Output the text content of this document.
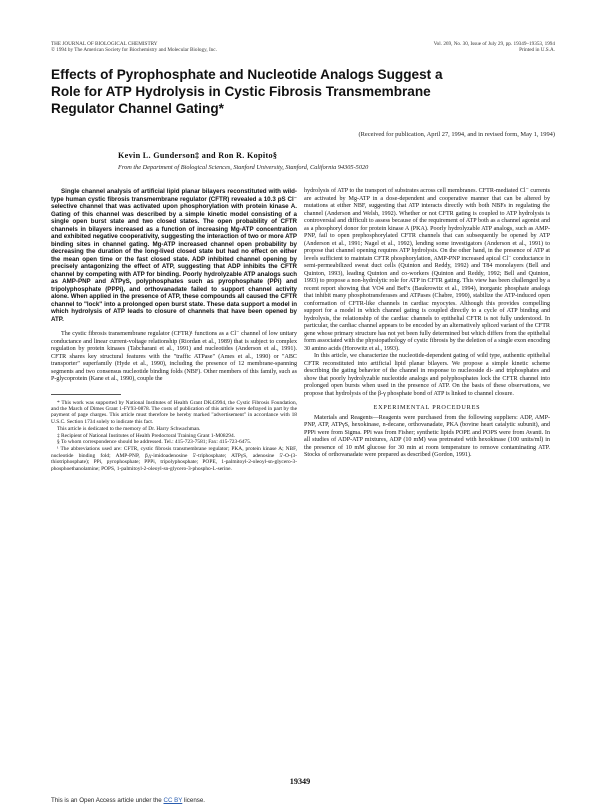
THE JOURNAL OF BIOLOGICAL CHEMISTRY
© 1994 by The American Society for Biochemistry and Molecular Biology, Inc.
Vol. 269, No. 30, Issue of July 29, pp. 19349–19353, 1994
Printed in U.S.A.
Effects of Pyrophosphate and Nucleotide Analogs Suggest a
Role for ATP Hydrolysis in Cystic Fibrosis Transmembrane
Regulator Channel Gating*
(Received for publication, April 27, 1994, and in revised form, May 1, 1994)
Kevin L. Gunderson‡ and Ron R. Kopito§
From the Department of Biological Sciences, Stanford University, Stanford, California 94305-5020

Single channel analysis of artificial lipid planar bilayers reconstituted with wild-type human cystic fibrosis transmembrane regulator (CFTR) revealed a 10.3 pS Cl⁻ selective channel that was activated upon phosphorylation with protein kinase A. Gating of this channel was described by a simple kinetic model consisting of a single open burst state and two closed states. The open probability of CFTR channels in bilayers increased as a function of increasing Mg-ATP concentration and exhibited negative cooperativity, suggesting the interaction of two or more ATP binding sites in channel gating. Mg-ATP increased channel open probability by decreasing the duration of the long-lived closed state but had no effect on either the mean open time or the fast closed state. ADP inhibited channel opening by precisely antagonizing the effect of ATP, suggesting that ADP inhibits the CFTR channel by competing with ATP for binding. Poorly hydrolyzable ATP analogs such as AMP-PNP and ATPγS, polyphosphates such as pyrophosphate (PPi) and tripolyphosphate (PPPi), and orthovanadate failed to support channel activity alone. When applied in the presence of ATP, these compounds all caused the CFTR channel to "lock" into a prolonged open burst state. These data support a model in which hydrolysis of ATP leads to closure of channels that have been opened by ATP.

The cystic fibrosis transmembrane regulator (CFTR)¹ functions as a Cl⁻ channel of low unitary conductance and linear current-voltage relationship (Riordan et al., 1989) that is subject to complex regulation by protein kinases (Tabcharani et al., 1991) and nucleotides (Anderson et al., 1991). CFTR shares key structural features with the "traffic ATPase" (Ames et al., 1990) or "ABC transporter" superfamily (Hyde et al., 1990), including the presence of 12 membrane-spanning segments and two consensus nucleotide binding folds (NBF). Other members of this family, such as P-glycoprotein (Kane et al., 1990), couple the

* This work was supported by National Institutes of Health Grant DK43994, the Cystic Fibrosis Foundation, and the March of Dimes Grant 1-FY93-0878. The costs of publication of this article were defrayed in part by the payment of page charges. This article must therefore be hereby marked "advertisement" in accordance with 18 U.S.C. Section 1734 solely to indicate this fact.

This article is dedicated to the memory of Dr. Harry Schwachman.

‡ Recipient of National Institutes of Health Predoctoral Training Grant 1-M08294.

§ To whom correspondence should be addressed. Tel.: 415-723-7581; Fax: 415-723-6475.

¹ The abbreviations used are: CFTR, cystic fibrosis transmembrane regulator; PKA, protein kinase A; NBF, nucleotide binding fold; AMP-PNP, β,γ-imidoadenosine 5'-triphosphate; ATPγS, adenosine 5'-O-(3-thiotriphosphate); PPi, pyrophosphate; PPPi, tripolyphosphate; POPE, 1-palmitoyl-2-oleoyl-sn-glycero-3-phosphoethanolamine; POPS, 1-palmitoyl-2-oleoyl-sn-glycero-3-phospho-L-serine.

hydrolysis of ATP to the transport of substrates across cell membranes. CFTR-mediated Cl⁻ currents are activated by Mg-ATP in a dose-dependent and cooperative manner that can be altered by mutations at either NBF, suggesting that ATP interacts directly with both NBFs in regulating the channel (Anderson and Welsh, 1992). Whether or not CFTR gating is coupled to ATP hydrolysis is controversial and difficult to assess because of the requirement of ATP both as a channel agonist and as a phosphoryl donor for protein kinase A (PKA). Poorly hydrolyzable ATP analogs, such as AMP-PNP, fail to open prephosphorylated CFTR channels that can subsequently be opened by ATP (Anderson et al., 1991; Nagel et al., 1992), lending some investigators (Anderson et al., 1991) to propose that channel opening requires ATP hydrolysis. On the other hand, in the presence of ATP at levels sufficient to maintain CFTR phosphorylation, AMP-PNP increased apical Cl⁻ conductance in semi-permeabilized sweat duct cells (Quinton and Reddy, 1992) and T84 monolayers (Bell and Quinton, 1993), leading Quinton and co-workers (Quinton and Reddy, 1992; Bell and Quinton, 1993) to propose a non-hydrolytic role for ATP in CFTR gating. This view has been challenged by a recent report showing that VO4 and BeFx (Baukrowitz et al., 1994), inorganic phosphate analogs that inhibit many phosphotransferases and ATPases (Chabre, 1990), stabilize the ATP-induced open conformation of CFTR-like channels in cardiac myocytes. Although this provides compelling support for a model in which channel gating is coupled directly to a cycle of ATP binding and hydrolysis, the relationship of the cardiac channels to epithelial CFTR is not fully understood. In particular, the cardiac channel appears to be encoded by an alternatively spliced variant of the CFTR gene whose primary structure has not yet been fully determined but which differs from the epithelial form associated with the physiopathology of cystic fibrosis by the deletion of a single exon encoding 30 amino acids (Horowitz et al., 1993).

In this article, we characterize the nucleotide-dependent gating of wild type, authentic epithelial CFTR reconstituted into artificial lipid planar bilayers. We propose a simple kinetic scheme describing the gating behavior of the channel in response to nucleoside di- and triphosphates and show that poorly hydrolyzable nucleotide analogs and polyphosphates lock the CFTR channel into prolonged open bursts when used in the presence of ATP. On the basis of these observations, we propose that hydrolysis of the β-γ phosphate bond of ATP is linked to channel closure.

EXPERIMENTAL PROCEDURES

Materials and Reagents—Reagents were purchased from the following suppliers: ADP, AMP-PNP, ATP, ATPγS, hexokinase, n-decane, orthovanadate, PKA (bovine heart catalytic subunit), and PPPi were from Sigma. PPi was from Fisher; synthetic lipids POPE and POPS were from Avanti. In all studies of ADP-ATP mixtures, ADP (10 mM) was pretreated with hexokinase (100 units/ml) in the presence of 10 mM glucose for 30 min at room temperature to remove contaminating ATP. Stocks of orthovanadate were prepared as described (Gordon, 1991).

19349
This is an Open Access article under the CC BY license.
